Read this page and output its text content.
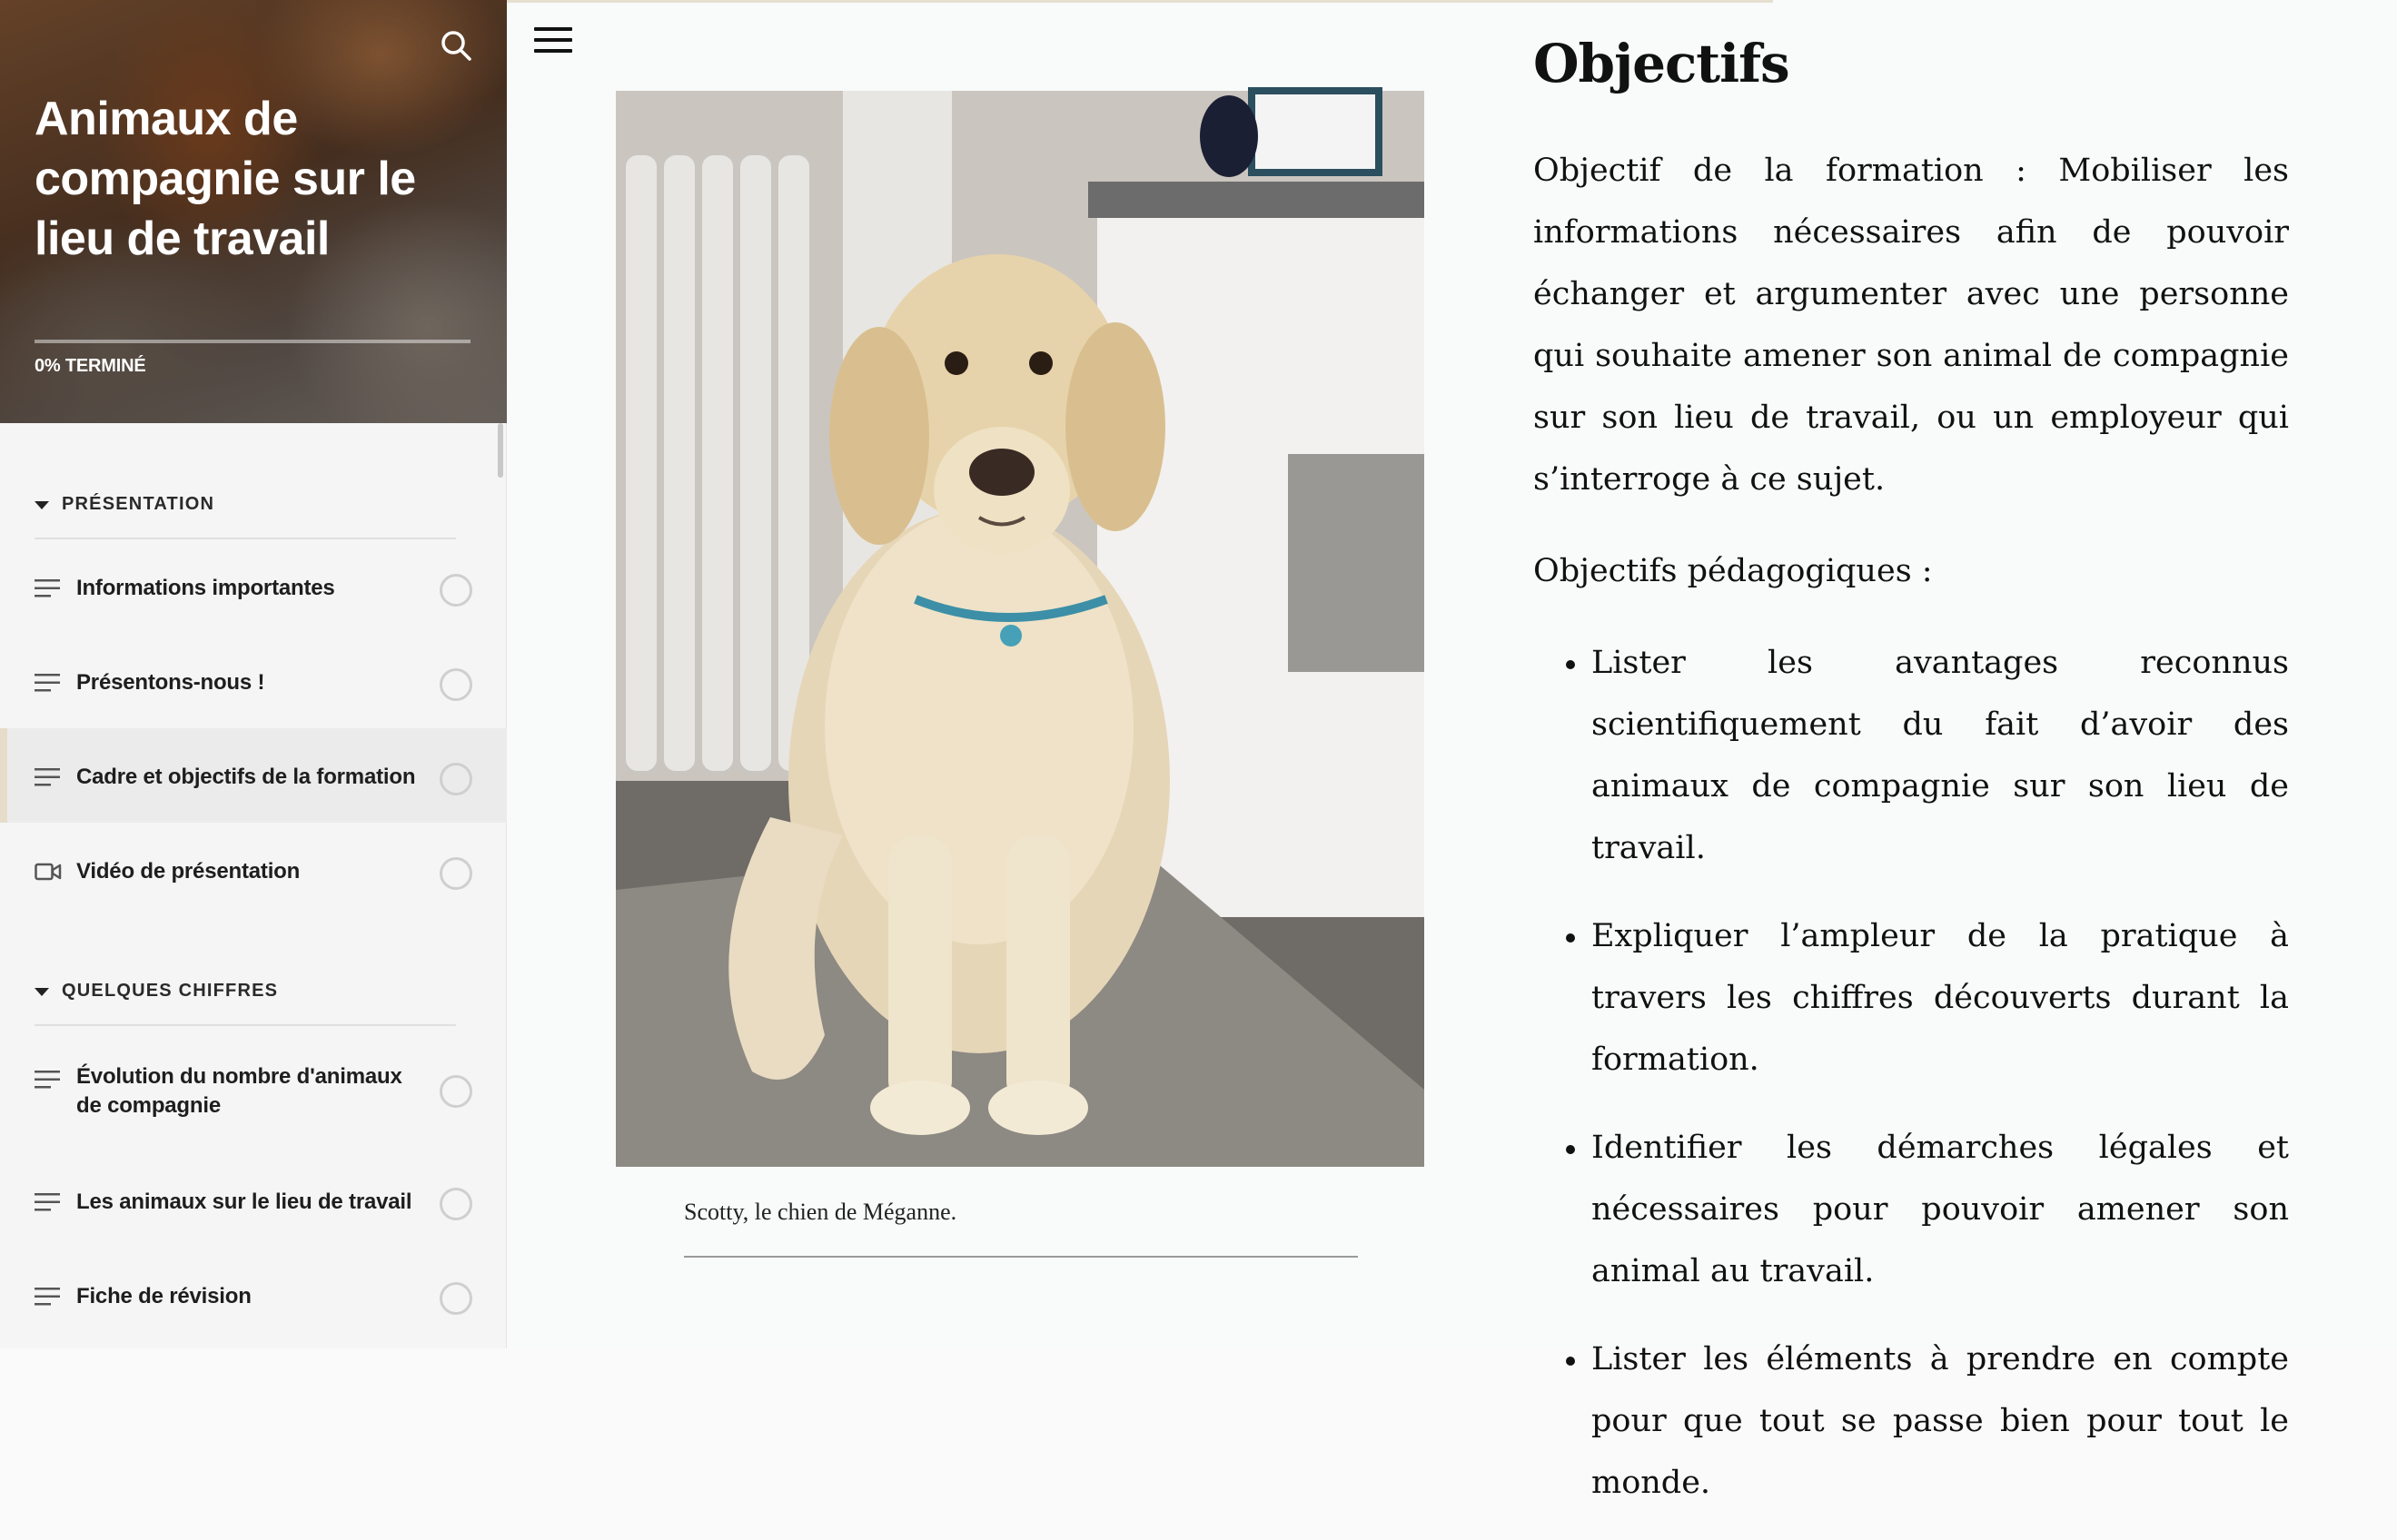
Animaux de compagnie sur le lieu de travail
0% TERMINÉ
PRÉSENTATION
Informations importantes
Présentons-nous !
Cadre et objectifs de la formation
Vidéo de présentation
QUELQUES CHIFFRES
Évolution du nombre d'animaux de compagnie
Les animaux sur le lieu de travail
Fiche de révision
Scotty, le chien de Méganne.
Objectifs

Objectif de la formation : Mobiliser les informations nécessaires afin de pouvoir échanger et argumenter avec une personne qui souhaite amener son animal de compagnie sur son lieu de travail, ou un employeur qui s’interroge à ce sujet.

Objectifs pédagogiques :

Lister les avantages reconnus scientifiquement du fait d’avoir des animaux de compagnie sur son lieu de travail.
Expliquer l’ampleur de la pratique à travers les chiffres découverts durant la formation.
Identifier les démarches légales et nécessaires pour pouvoir amener son animal au travail.
Lister les éléments à prendre en compte pour que tout se passe bien pour tout le monde.
